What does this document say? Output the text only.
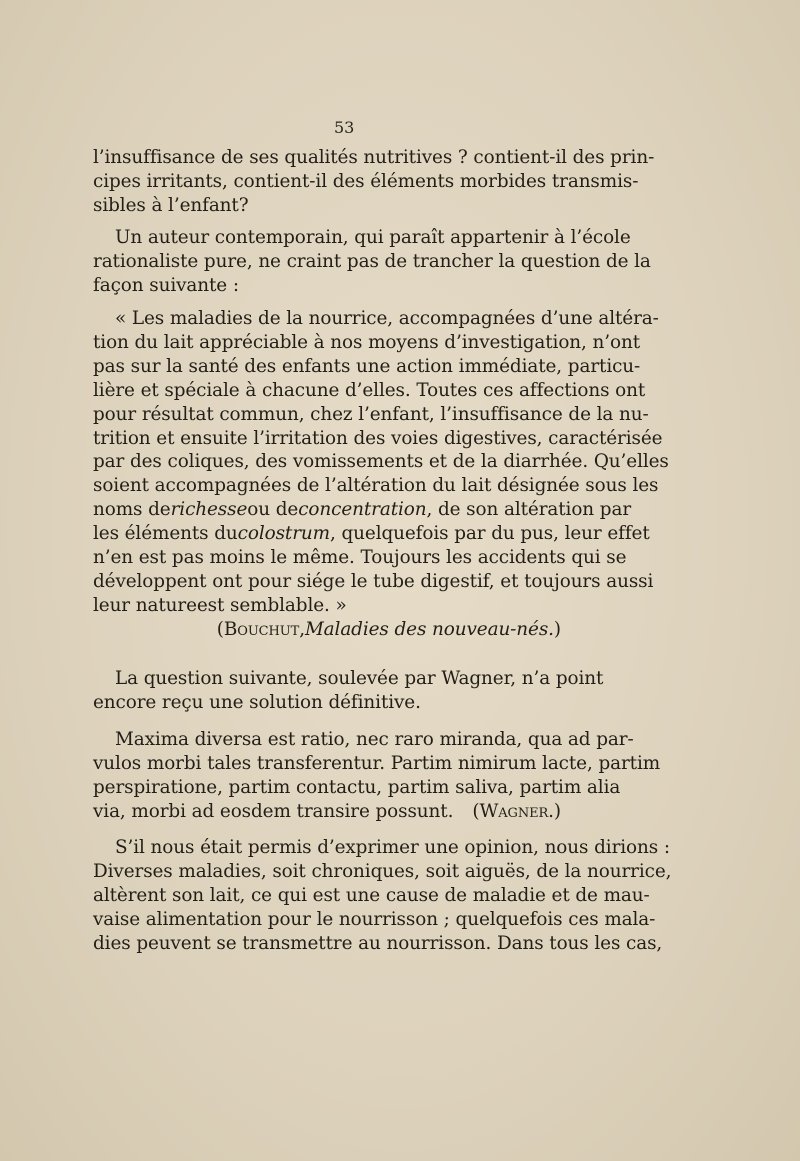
53
l’insuffisance de ses qualités nutritives ? contient-il des prin-
cipes irritants, contient-il des éléments morbides transmis-
sibles à l’enfant?
Un auteur contemporain, qui paraît appartenir à l’école
rationaliste pure, ne craint pas de trancher la question de la
façon suivante :
« Les maladies de la nourrice, accompagnées d’une altéra-
tion du lait appréciable à nos moyens d’investigation, n’ont
pas sur la santé des enfants une action immédiate, particu-
lière et spéciale à chacune d’elles. Toutes ces affections ont
pour résultat commun, chez l’enfant, l’insuffisance de la nu-
trition et ensuite l’irritation des voies digestives, caractérisée
par des coliques, des vomissements et de la diarrhée. Qu’elles
soient accompagnées de l’altération du lait désignée sous les
noms derichesseou deconcentration, de son altération par
les éléments ducolostrum, quelquefois par du pus, leur effet
n’en est pas moins le même. Toujours les accidents qui se
développent ont pour siége le tube digestif, et toujours aussi
leur natureest semblable. »
(Bouchut,Maladies des nouveau-nés.)
La question suivante, soulevée par Wagner, n’a point
encore reçu une solution définitive.
Maxima diversa est ratio, nec raro miranda, qua ad par-
vulos morbi tales transferentur. Partim nimirum lacte, partim
perspiratione, partim contactu, partim saliva, partim alia
via, morbi ad eosdem transire possunt. (Wagner.)
S’il nous était permis d’exprimer une opinion, nous dirions :
Diverses maladies, soit chroniques, soit aiguës, de la nourrice,
altèrent son lait, ce qui est une cause de maladie et de mau-
vaise alimentation pour le nourrisson ; quelquefois ces mala-
dies peuvent se transmettre au nourrisson. Dans tous les cas,
